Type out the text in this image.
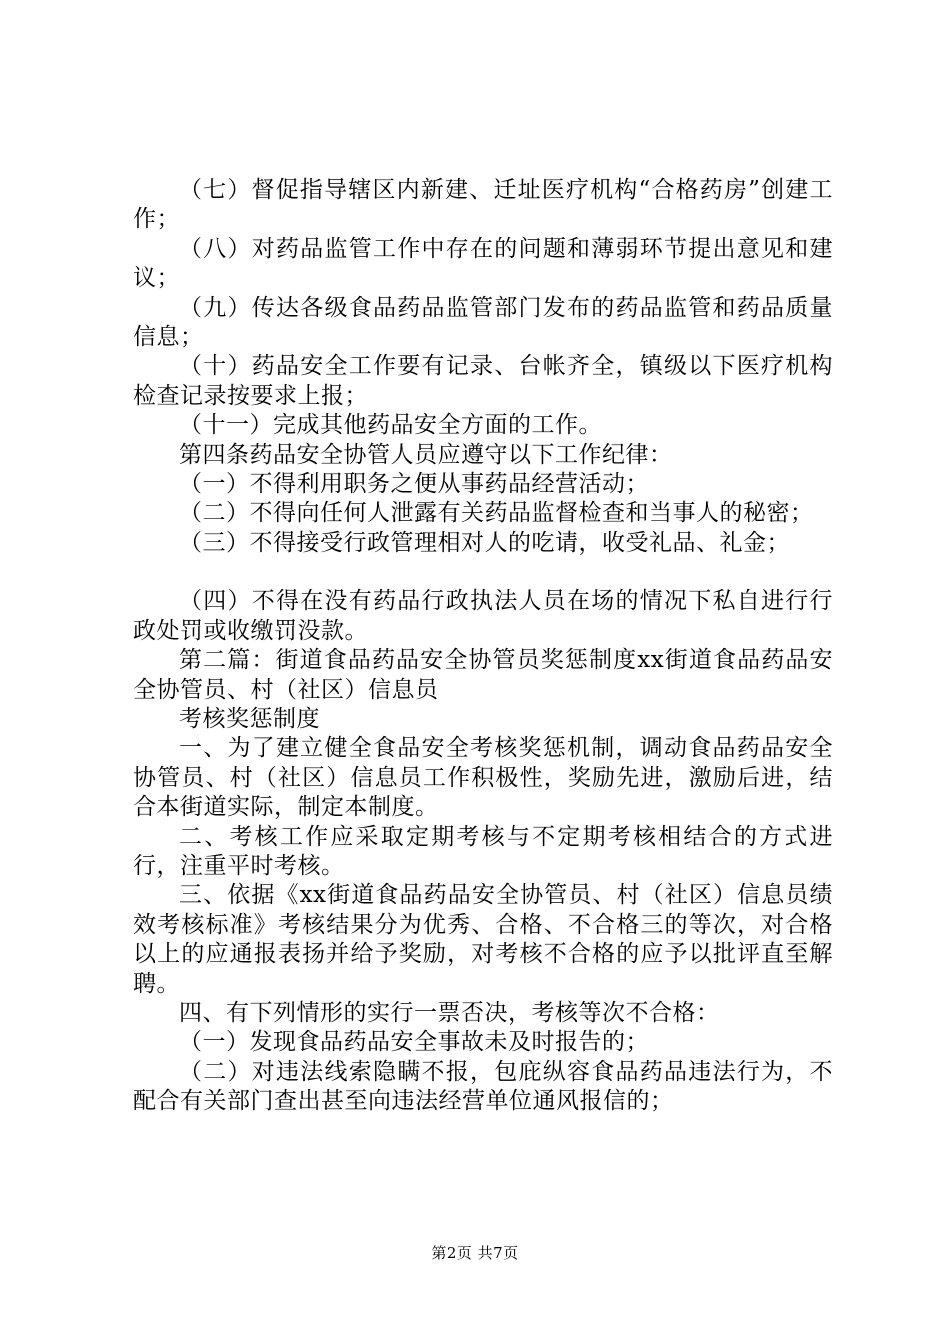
（七）督促指导辖区内新建、迁址医疗机构“合格药房”创建工作；

（八）对药品监管工作中存在的问题和薄弱环节提出意见和建议；

（九）传达各级食品药品监管部门发布的药品监管和药品质量信息；

（十）药品安全工作要有记录、台帐齐全，镇级以下医疗机构检查记录按要求上报；

（十一）完成其他药品安全方面的工作。

第四条药品安全协管人员应遵守以下工作纪律：

（一）不得利用职务之便从事药品经营活动；

（二）不得向任何人泄露有关药品监督检查和当事人的秘密；

（三）不得接受行政管理相对人的吃请，收受礼品、礼金；

（四）不得在没有药品行政执法人员在场的情况下私自进行行政处罚或收缴罚没款。

第二篇：街道食品药品安全协管员奖惩制度xx街道食品药品安全协管员、村（社区）信息员

考核奖惩制度

一、为了建立健全食品安全考核奖惩机制，调动食品药品安全协管员、村（社区）信息员工作积极性，奖励先进，激励后进，结合本街道实际，制定本制度。

二、考核工作应采取定期考核与不定期考核相结合的方式进行，注重平时考核。

三、依据《xx街道食品药品安全协管员、村（社区）信息员绩效考核标准》考核结果分为优秀、合格、不合格三的等次，对合格以上的应通报表扬并给予奖励，对考核不合格的应予以批评直至解聘。

四、有下列情形的实行一票否决，考核等次不合格：

（一）发现食品药品安全事故未及时报告的；

（二）对违法线索隐瞒不报，包庇纵容食品药品违法行为，不配合有关部门查出甚至向违法经营单位通风报信的；

第2页 共7页
